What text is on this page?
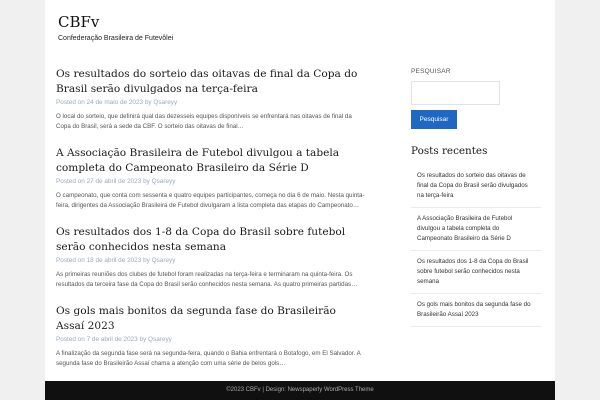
CBFv
Confederação Brasileira de Futevôlei
Os resultados do sorteio das oitavas de final da Copa do Brasil serão divulgados na terça-feira
Posted on 24 de maio de 2023 by Qsareyy
O local do sorteio, que definirá qual das dezesseis equipes disponíveis se enfrentará nas oitavas de final da Copa do Brasil, será a sede da CBF. O sorteio das oitavas de final…
A Associação Brasileira de Futebol divulgou a tabela completa do Campeonato Brasileiro da Série D
Posted on 27 de abril de 2023 by Qsareyy
O campeonato, que conta com sessenta e quatro equipes participantes, começa no dia 6 de maio. Nesta quinta-feira, dirigentes da Associação Brasileira de Futebol divulgaram a lista completa das etapas do Campeonato…
Os resultados dos 1-8 da Copa do Brasil sobre futebol serão conhecidos nesta semana
Posted on 18 de abril de 2023 by Qsareyy
As primeiras reuniões dos clubes de futebol foram realizadas na terça-feira e terminaram na quinta-feira. Os resultados da terceira fase da Copa do Brasil serão conhecidos nesta semana. As quatro primeiras partidas…
Os gols mais bonitos da segunda fase do Brasileirão Assaí 2023
Posted on 7 de abril de 2023 by Qsareyy
A finalização da segunda fase será na segunda-feira, quando o Bahia enfrentará o Botafogo, em El Salvador. A segunda fase do Brasileirão Assaí chama a atenção com uma série de belos gols…
PESQUISAR
Pesquisar
Posts recentes
Os resultados do sorteio das oitavas de final da Copa do Brasil serão divulgados na terça-feira
A Associação Brasileira de Futebol divulgou a tabela completa do Campeonato Brasileiro da Série D
Os resultados dos 1-8 da Copa do Brasil sobre futebol serão conhecidos nesta semana
Os gols mais bonitos da segunda fase do Brasileirão Assaí 2023
©2023 CBFv | Design: Newspaperly WordPress Theme
